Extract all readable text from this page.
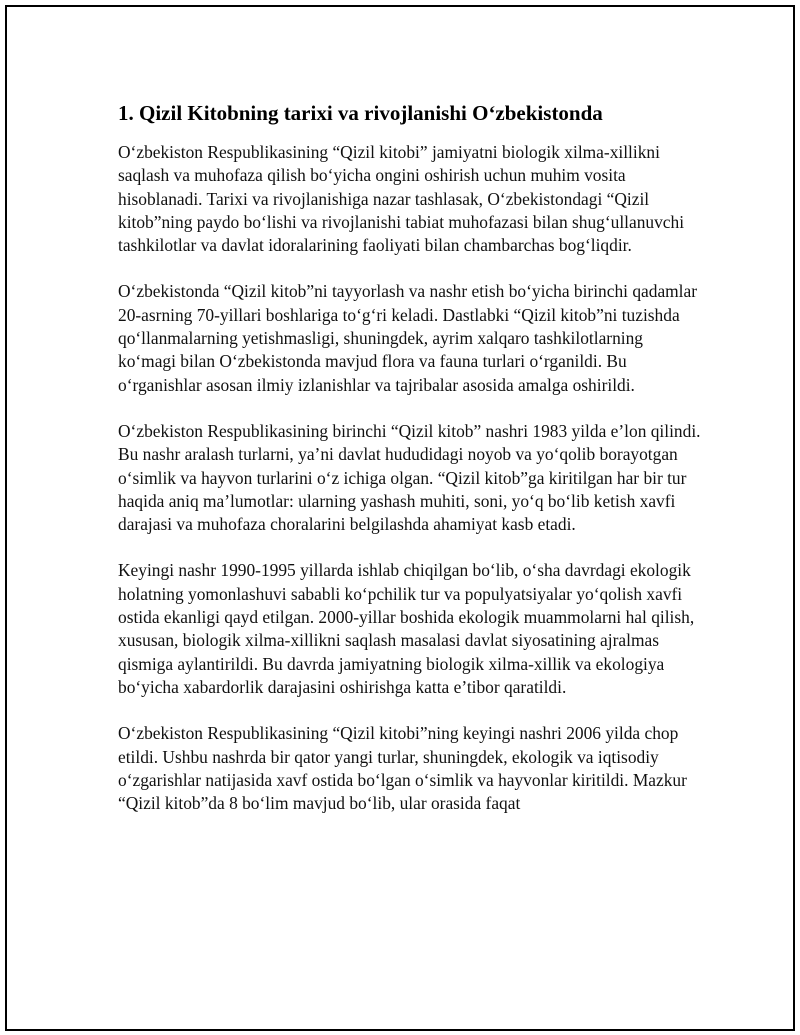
1. Qizil Kitobning tarixi va rivojlanishi O‘zbekistonda

O‘zbekiston Respublikasining “Qizil kitobi” jamiyatni biologik xilma-xillikni saqlash va muhofaza qilish bo‘yicha ongini oshirish uchun muhim vosita hisoblanadi. Tarixi va rivojlanishiga nazar tashlasak, O‘zbekistondagi “Qizil kitob”ning paydo bo‘lishi va rivojlanishi tabiat muhofazasi bilan shug‘ullanuvchi tashkilotlar va davlat idoralarining faoliyati bilan chambarchas bog‘liqdir.

O‘zbekistonda “Qizil kitob”ni tayyorlash va nashr etish bo‘yicha birinchi qadamlar 20-asrning 70-yillari boshlariga to‘g‘ri keladi. Dastlabki “Qizil kitob”ni tuzishda qo‘llanmalarning yetishmasligi, shuningdek, ayrim xalqaro tashkilotlarning ko‘magi bilan O‘zbekistonda mavjud flora va fauna turlari o‘rganildi. Bu o‘rganishlar asosan ilmiy izlanishlar va tajribalar asosida amalga oshirildi.

O‘zbekiston Respublikasining birinchi “Qizil kitob” nashri 1983 yilda e’lon qilindi. Bu nashr aralash turlarni, ya’ni davlat hududidagi noyob va yo‘qolib borayotgan o‘simlik va hayvon turlarini o‘z ichiga olgan. “Qizil kitob”ga kiritilgan har bir tur haqida aniq ma’lumotlar: ularning yashash muhiti, soni, yo‘q bo‘lib ketish xavfi darajasi va muhofaza choralarini belgilashda ahamiyat kasb etadi.

Keyingi nashr 1990-1995 yillarda ishlab chiqilgan bo‘lib, o‘sha davrdagi ekologik holatning yomonlashuvi sababli ko‘pchilik tur va populyatsiyalar yo‘qolish xavfi ostida ekanligi qayd etilgan. 2000-yillar boshida ekologik muammolarni hal qilish, xususan, biologik xilma-xillikni saqlash masalasi davlat siyosatining ajralmas qismiga aylantirildi. Bu davrda jamiyatning biologik xilma-xillik va ekologiya bo‘yicha xabardorlik darajasini oshirishga katta e’tibor qaratildi.

O‘zbekiston Respublikasining “Qizil kitobi”ning keyingi nashri 2006 yilda chop etildi. Ushbu nashrda bir qator yangi turlar, shuningdek, ekologik va iqtisodiy o‘zgarishlar natijasida xavf ostida bo‘lgan o‘simlik va hayvonlar kiritildi. Mazkur “Qizil kitob”da 8 bo‘lim mavjud bo‘lib, ular orasida faqat
